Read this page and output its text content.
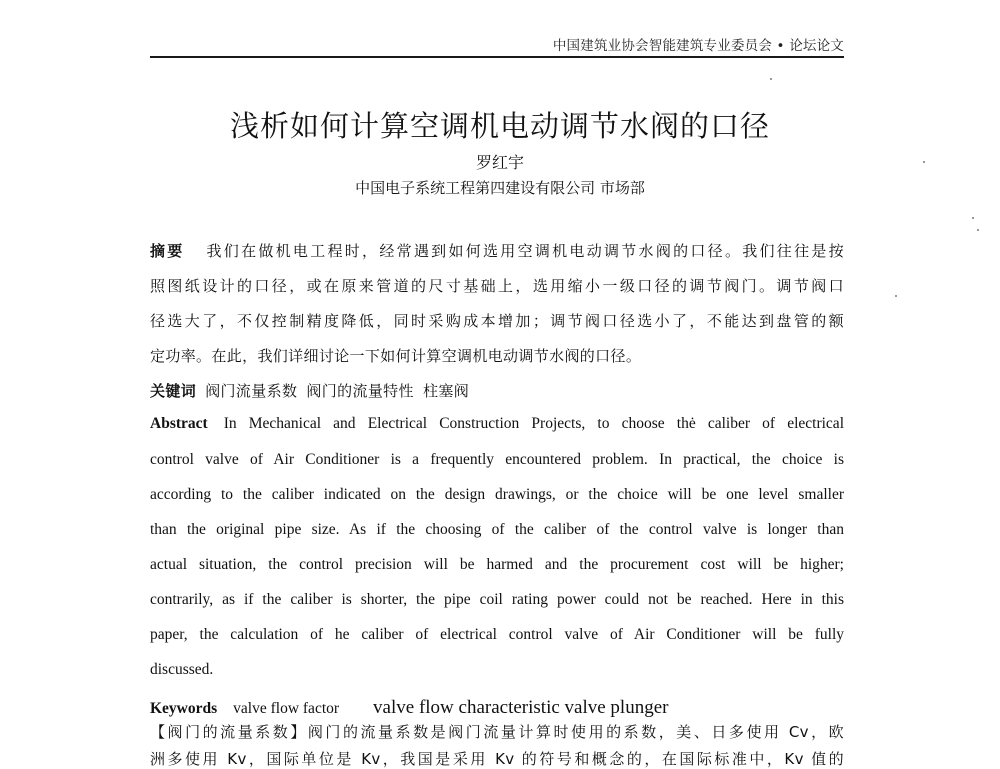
中国建筑业协会智能建筑专业委员会 • 论坛论文
浅析如何计算空调机电动调节水阀的口径
罗红宇
中国电子系统工程第四建设有限公司 市场部
摘要 我们在做机电工程时，经常遇到如何选用空调机电动调节水阀的口径。我们往往是按
照图纸设计的口径，或在原来管道的尺寸基础上，选用缩小一级口径的调节阀门。调节阀口
径选大了，不仅控制精度降低，同时采购成本增加；调节阀口径选小了，不能达到盘管的额
定功率。在此，我们详细讨论一下如何计算空调机电动调节水阀的口径。
关键词 阀门流量系数 阀门的流量特性 柱塞阀
Abstract In Mechanical and Electrical Construction Projects, to choose thė caliber of electrical
control valve of Air Conditioner is a frequently encountered problem. In practical, the choice is
according to the caliber indicated on the design drawings, or the choice will be one level smaller
than the original pipe size. As if the choosing of the caliber of the control valve is longer than
actual situation, the control precision will be harmed and the procurement cost will be higher;
contrarily, as if the caliber is shorter, the pipe coil rating power could not be reached. Here in this
paper, the calculation of he caliber of electrical control valve of Air Conditioner will be fully
discussed.
Keywords valve flow factor valve flow characteristic valve plunger
【阀门的流量系数】阀门的流量系数是阀门流量计算时使用的系数，美、日多使用 Cv，欧
洲多使用 Kv，国际单位是 Kv，我国是采用 Kv 的符号和概念的，在国际标准中，Kv 值的
